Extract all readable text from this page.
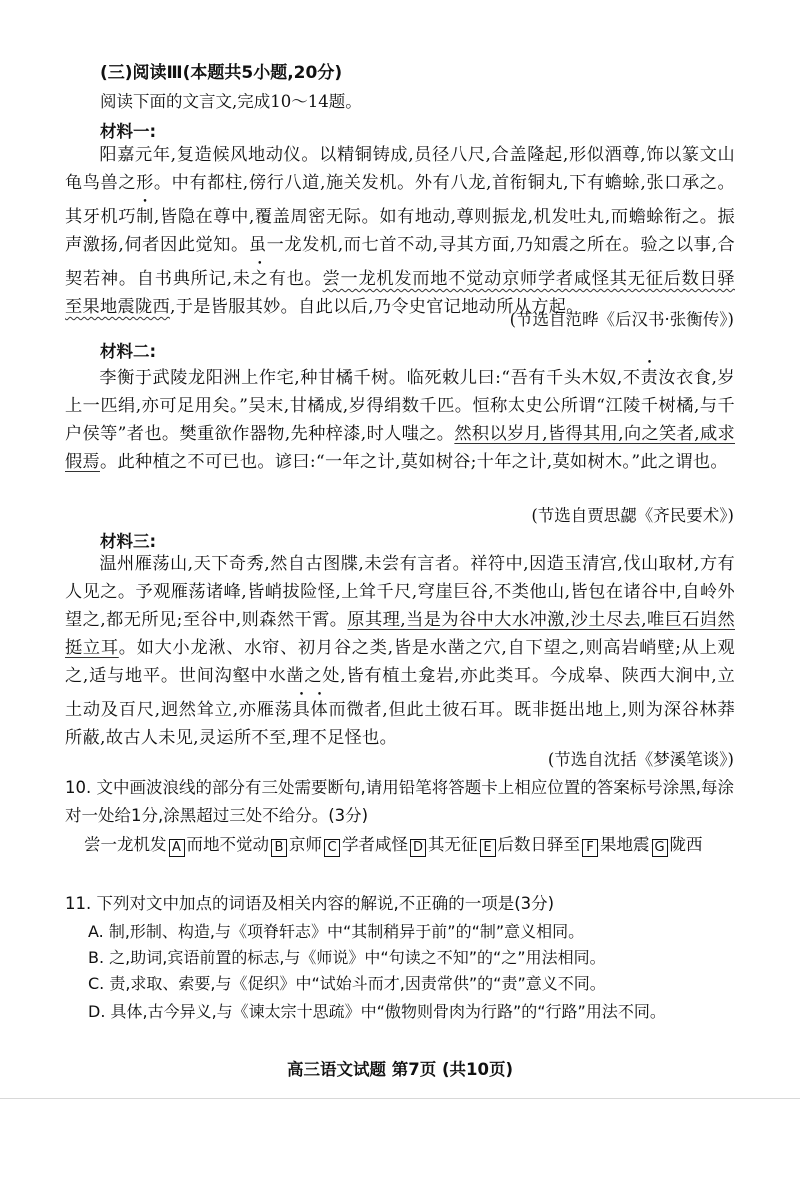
(三)阅读Ⅲ(本题共5小题,20分)
阅读下面的文言文,完成10～14题。
材料一:

阳嘉元年,复造候风地动仪。以精铜铸成,员径八尺,合盖隆起,形似酒尊,饰以篆文山龟鸟兽之形。中有都柱,傍行八道,施关发机。外有八龙,首衔铜丸,下有蟾蜍,张口承之。其牙机巧制,皆隐在尊中,覆盖周密无际。如有地动,尊则振龙,机发吐丸,而蟾蜍衔之。振声激扬,伺者因此觉知。虽一龙发机,而七首不动,寻其方面,乃知震之所在。验之以事,合契若神。自书典所记,未之有也。尝一龙机发而地不觉动京师学者咸怪其无征后数日驿至果地震陇西,于是皆服其妙。自此以后,乃令史官记地动所从方起。

(节选自范晔《后汉书·张衡传》)
材料二:

李衡于武陵龙阳洲上作宅,种甘橘千树。临死敕儿曰:“吾有千头木奴,不责汝衣食,岁上一匹绢,亦可足用矣。”吴末,甘橘成,岁得绢数千匹。恒称太史公所谓“江陵千树橘,与千户侯等”者也。樊重欲作器物,先种梓漆,时人嗤之。然积以岁月,皆得其用,向之笑者,咸求假焉。此种植之不可已也。谚曰:“一年之计,莫如树谷;十年之计,莫如树木。”此之谓也。

(节选自贾思勰《齐民要术》)
材料三:

温州雁荡山,天下奇秀,然自古图牒,未尝有言者。祥符中,因造玉清宫,伐山取材,方有人见之。予观雁荡诸峰,皆峭拔险怪,上耸千尺,穹崖巨谷,不类他山,皆包在诸谷中,自岭外望之,都无所见;至谷中,则森然干霄。原其理,当是为谷中大水冲激,沙土尽去,唯巨石岿然挺立耳。如大小龙湫、水帘、初月谷之类,皆是水凿之穴,自下望之,则高岩峭壁;从上观之,适与地平。世间沟壑中水凿之处,皆有植土龛岩,亦此类耳。今成皋、陕西大涧中,立土动及百尺,迥然耸立,亦雁荡具体而微者,但此土彼石耳。既非挺出地上,则为深谷林莽所蔽,故古人未见,灵运所不至,理不足怪也。

(节选自沈括《梦溪笔谈》)

10. 文中画波浪线的部分有三处需要断句,请用铅笔将答题卡上相应位置的答案标号涂黑,每涂对一处给1分,涂黑超过三处不给分。(3分)

尝一龙机发 A 而地不觉动 B 京师 C 学者咸怪 D 其无征 E 后数日驿至 F 果地震 G 陇西

11. 下列对文中加点的词语及相关内容的解说,不正确的一项是(3分)

A. 制,形制、构造,与《项脊轩志》中“其制稍异于前”的“制”意义相同。
B. 之,助词,宾语前置的标志,与《师说》中“句读之不知”的“之”用法相同。
C. 责,求取、索要,与《促织》中“试始斗而才,因责常供”的“责”意义不同。
D. 具体,古今异义,与《谏太宗十思疏》中“傲物则骨肉为行路”的“行路”用法不同。
高三语文试题 第7页 (共10页)
